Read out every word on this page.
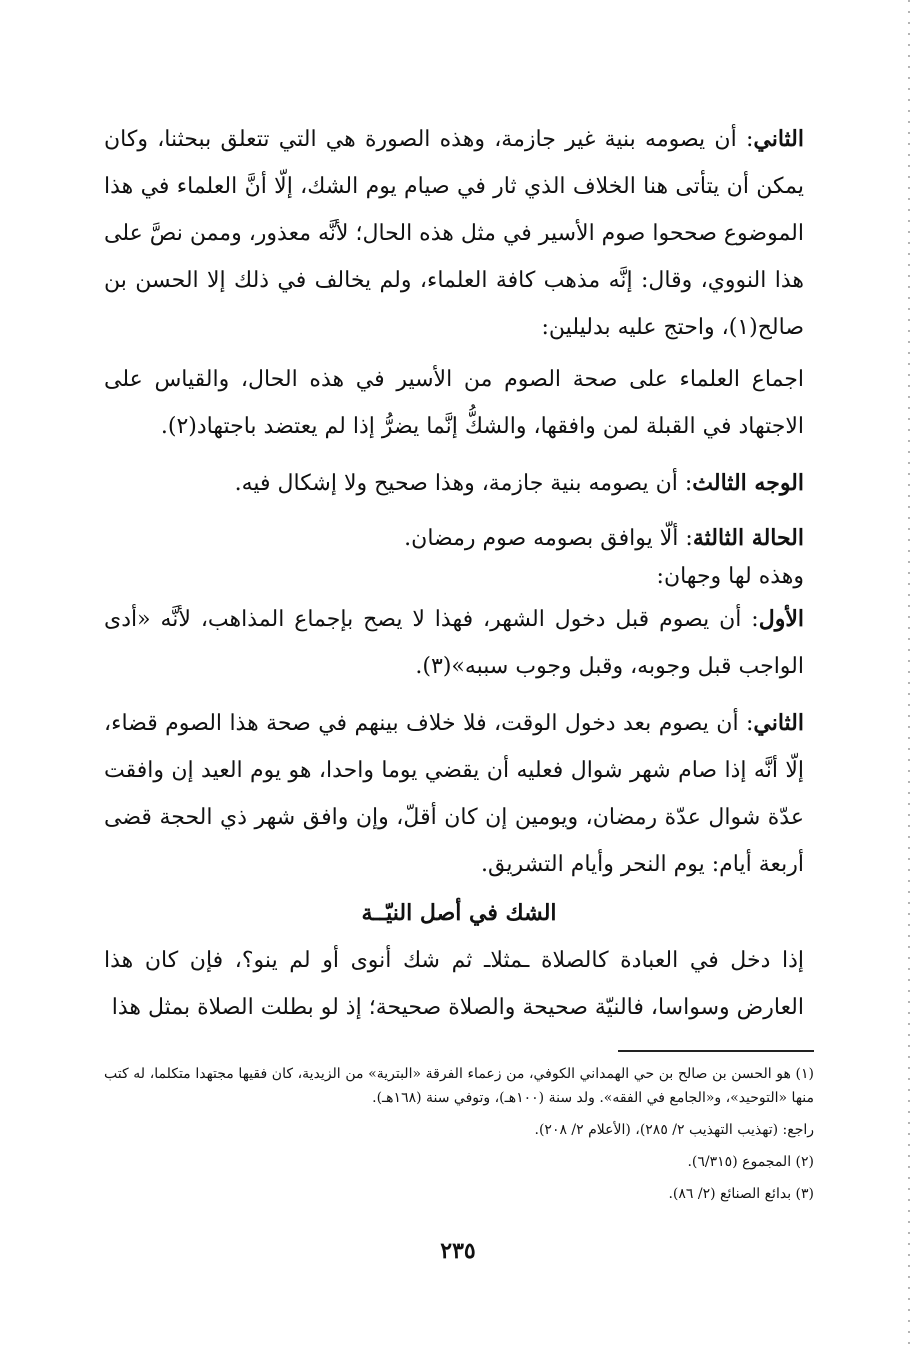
الثاني: أن يصومه بنية غير جازمة، وهذه الصورة هي التي تتعلق ببحثنا، وكان يمكن أن يتأتى هنا الخلاف الذي ثار في صيام يوم الشك، إلّا أنَّ العلماء في هذا الموضوع صححوا صوم الأسير في مثل هذه الحال؛ لأنَّه معذور، وممن نصَّ على هذا النووي، وقال: إنَّه مذهب كافة العلماء، ولم يخالف في ذلك إلا الحسن بن صالح(١)، واحتج عليه بدليلين:

اجماع العلماء على صحة الصوم من الأسير في هذه الحال، والقياس على الاجتهاد في القبلة لمن وافقها، والشكُّ إنَّما يضرُّ إذا لم يعتضد باجتهاد(٢).

الوجه الثالث: أن يصومه بنية جازمة، وهذا صحيح ولا إشكال فيه.

الحالة الثالثة: ألّا يوافق بصومه صوم رمضان.

وهذه لها وجهان:

الأول: أن يصوم قبل دخول الشهر، فهذا لا يصح بإجماع المذاهب، لأنَّه «أدى الواجب قبل وجوبه، وقبل وجوب سببه»(٣).

الثاني: أن يصوم بعد دخول الوقت، فلا خلاف بينهم في صحة هذا الصوم قضاء، إلّا أنَّه إذا صام شهر شوال فعليه أن يقضي يوما واحدا، هو يوم العيد إن وافقت عدّة شوال عدّة رمضان، ويومين إن كان أقلّ، وإن وافق شهر ذي الحجة قضى أربعة أيام: يوم النحر وأيام التشريق.

الشك في أصل النيّــة

إذا دخل في العبادة كالصلاة ـمثلاـ ثم شك أنوى أو لم ينو؟، فإن كان هذا العارض وسواسا، فالنيّة صحيحة والصلاة صحيحة؛ إذ لو بطلت الصلاة بمثل هذا

(١) هو الحسن بن صالح بن حي الهمداني الكوفي، من زعماء الفرقة «البترية» من الزيدية، كان فقيها مجتهدا متكلما، له كتب منها «التوحيد»، و«الجامع في الفقه». ولد سنة (١٠٠هـ)، وتوفي سنة (١٦٨هـ).

راجع: (تهذيب التهذيب ٢/ ٢٨٥)، (الأعلام ٢/ ٢٠٨).

(٢) المجموع (٦/٣١٥).

(٣) بدائع الصنائع (٢/ ٨٦).

٢٣٥
